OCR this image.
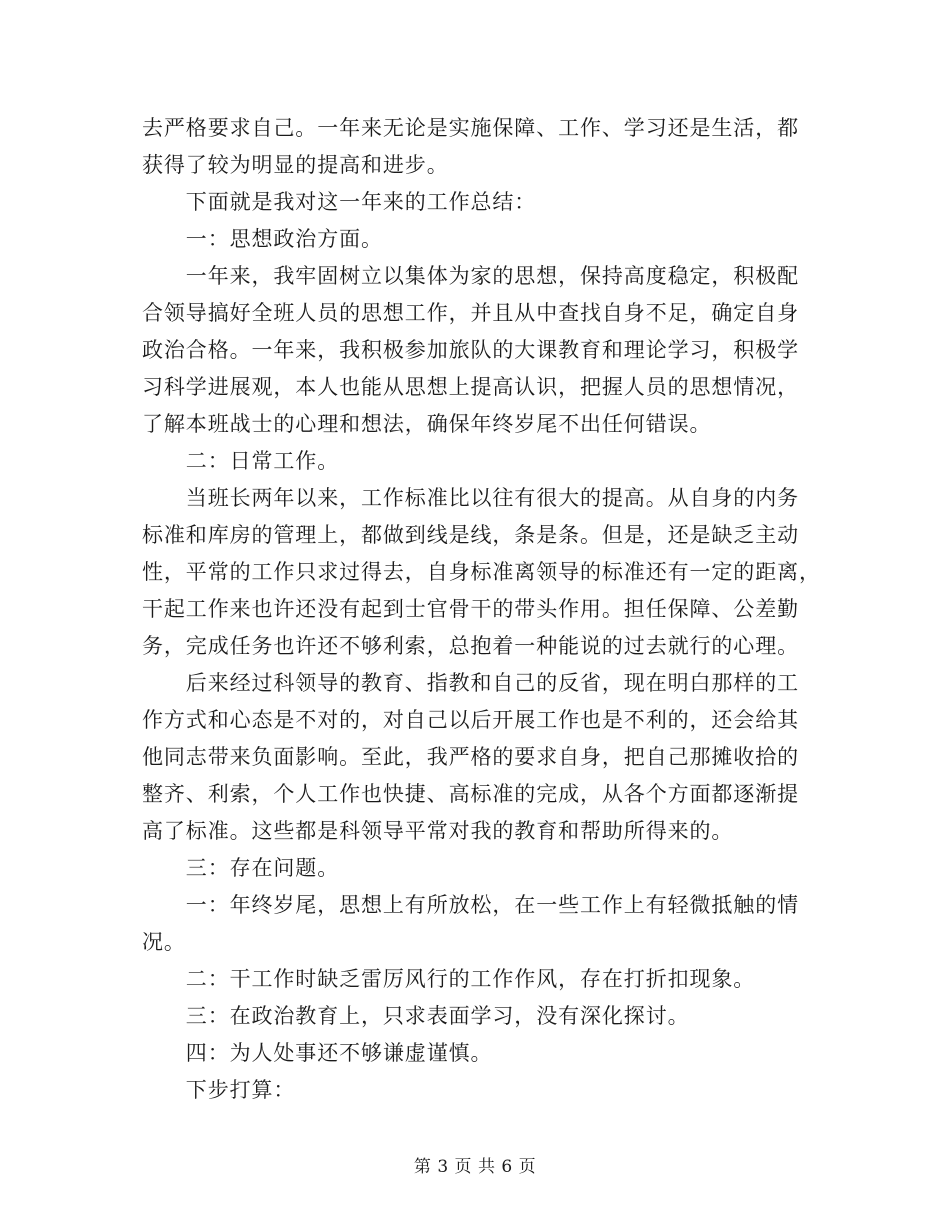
去严格要求自己。一年来无论是实施保障、工作、学习还是生活，都
获得了较为明显的提高和进步。
　　下面就是我对这一年来的工作总结：
　　一：思想政治方面。
　　一年来，我牢固树立以集体为家的思想，保持高度稳定，积极配
合领导搞好全班人员的思想工作，并且从中查找自身不足，确定自身
政治合格。一年来，我积极参加旅队的大课教育和理论学习，积极学
习科学进展观，本人也能从思想上提高认识，把握人员的思想情况，
了解本班战士的心理和想法，确保年终岁尾不出任何错误。
　　二：日常工作。
　　当班长两年以来，工作标准比以往有很大的提高。从自身的内务
标准和库房的管理上，都做到线是线，条是条。但是，还是缺乏主动
性，平常的工作只求过得去，自身标准离领导的标准还有一定的距离，
干起工作来也许还没有起到士官骨干的带头作用。担任保障、公差勤
务，完成任务也许还不够利索，总抱着一种能说的过去就行的心理。
　　后来经过科领导的教育、指教和自己的反省，现在明白那样的工
作方式和心态是不对的，对自己以后开展工作也是不利的，还会给其
他同志带来负面影响。至此，我严格的要求自身，把自己那摊收拾的
整齐、利索，个人工作也快捷、高标准的完成，从各个方面都逐渐提
高了标准。这些都是科领导平常对我的教育和帮助所得来的。
　　三：存在问题。
　　一：年终岁尾，思想上有所放松，在一些工作上有轻微抵触的情
况。
　　二：干工作时缺乏雷厉风行的工作作风，存在打折扣现象。
　　三：在政治教育上，只求表面学习，没有深化探讨。
　　四：为人处事还不够谦虚谨慎。
　　下步打算：
第 3 页 共 6 页
